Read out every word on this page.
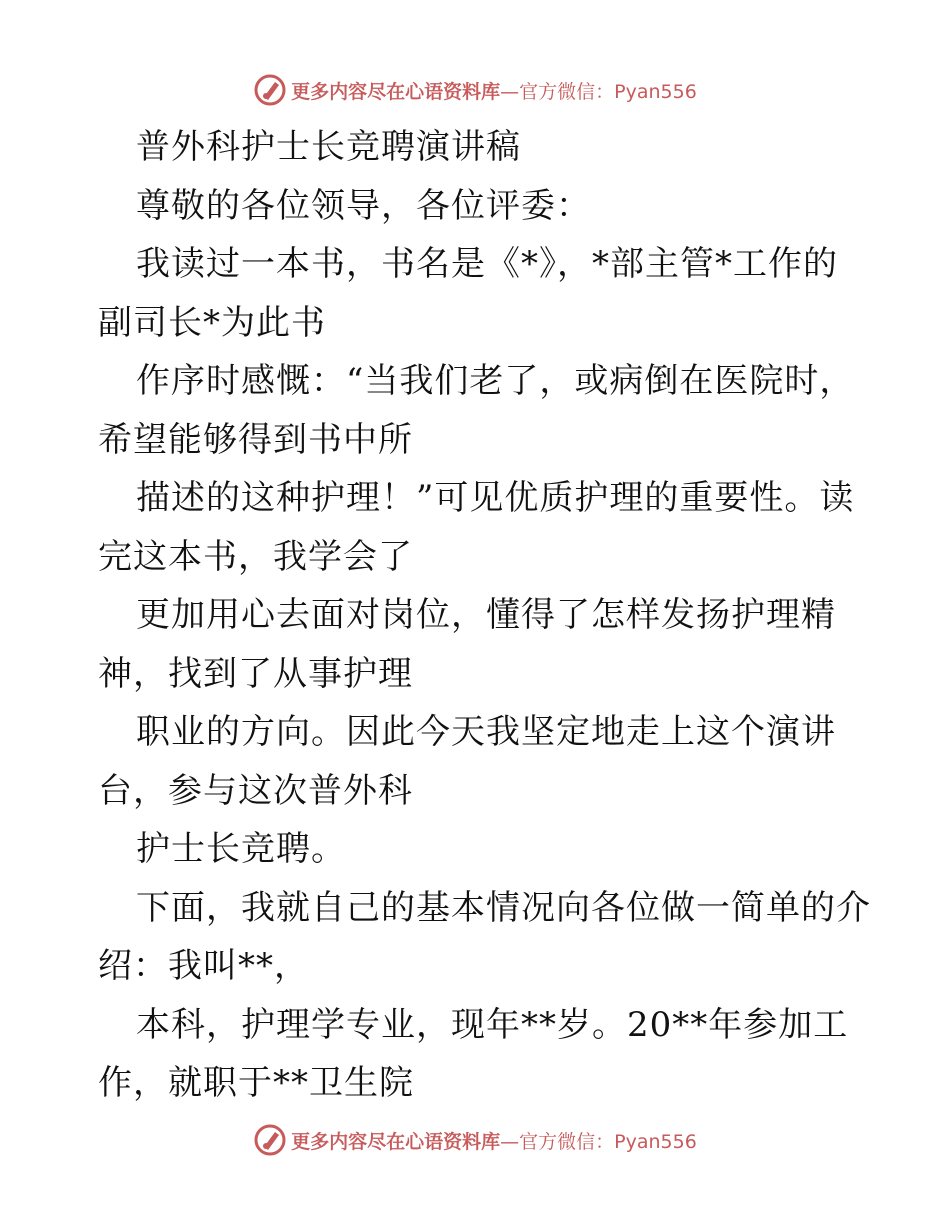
更多内容尽在心语资料库 —官方微信：Pyan556
普外科护士长竞聘演讲稿
尊敬的各位领导，各位评委：
我读过一本书，书名是《*》，*部主管*工作的
副司长*为此书
作序时感慨：“当我们老了，或病倒在医院时，
希望能够得到书中所
描述的这种护理！”可见优质护理的重要性。读
完这本书，我学会了
更加用心去面对岗位，懂得了怎样发扬护理精
神，找到了从事护理
职业的方向。因此今天我坚定地走上这个演讲
台，参与这次普外科
护士长竞聘。
下面，我就自己的基本情况向各位做一简单的介
绍：我叫**，
本科，护理学专业，现年**岁。20**年参加工
作，就职于**卫生院
更多内容尽在心语资料库 —官方微信：Pyan556
